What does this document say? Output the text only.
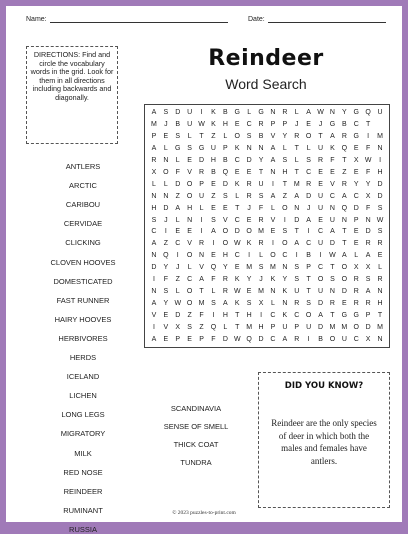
Name:	Date:
DIRECTIONS: Find and circle the vocabulary words in the grid. Look for them in all directions including backwards and diagonally.
Reindeer
Word Search
A	S	D U	I	K	B G	L	G N R	L	A W N	Y G Q U
M	J	B	U W K	H	E	C R	P	P	J	E	J	G B	C	T
P	E	S	L	T	Z	L	O S	B	V	Y	R O	T	A	R G	I	M
A	L	G S G U	P	K	N N	A	L	T	L	U	K Q E	F	N
R N	L	E	D H	B	C D	Y	A	S	L	S	R	F	T	X W	I
X O	F	V	R	B Q E	E	T	N H	T	C	E	E	Z	E	F	H
L	L	D O P	E	D	K	R U	I	T M R	E	V	R	Y	Y	D
N N	Z	O U	Z	S	L	R	S	A	Z	A	D U C	A	C	X	D
H D	A	H	L	E	E	T	J	F	L	O N	J	U N Q D	F	S
S	J	L	N	I	S	V	C	E	R	V	I	D	A	E	U N	P	N W
C	I	E	E	I	A O D O M E	S	T	I	C	A	T	E	D	S
A	Z	C	V	R	I	O W K	R	I	O A	C U D	T	E	R R
N Q	I	O N	E	H C	I	L	O C	I	B	I	W A	L	A	E
D	Y	J	L	V Q Y	E M S M N	S	P	C	T	O X	X	L
I	F	Z	C	A	F	R	K	Y	J	K	Y	S	T	O S O R	S	R
N	S	L	O	T	L	R W E M N	K	U	T	U N D R	A	N
A	Y W O M S	A	K	S	X	L	N R	S	D R	E	R R H
V	E	D	Z	F	I	H	T	H	I	C	K	C O A	T	G G P	T
I	V	X	S	Z	Q	L	T M H	P	U	P	U D M M O D M
A	E	P	E	P	F	D W Q D C	A	R	I	B O U C	X	N
ANTLERS
ARCTIC
CARIBOU
CERVIDAE
CLICKING
CLOVEN HOOVES
DOMESTICATED
FAST RUNNER
HAIRY HOOVES
HERBIVORES
HERDS
ICELAND
LICHEN
LONG LEGS
MIGRATORY
MILK
RED NOSE
REINDEER
RUMINANT
RUSSIA
SCANDINAVIA
SENSE OF SMELL
THICK COAT
TUNDRA
DID YOU KNOW?
Reindeer are the only species of deer in which both the males and females have antlers.
© 2023 puzzles-to-print.com
